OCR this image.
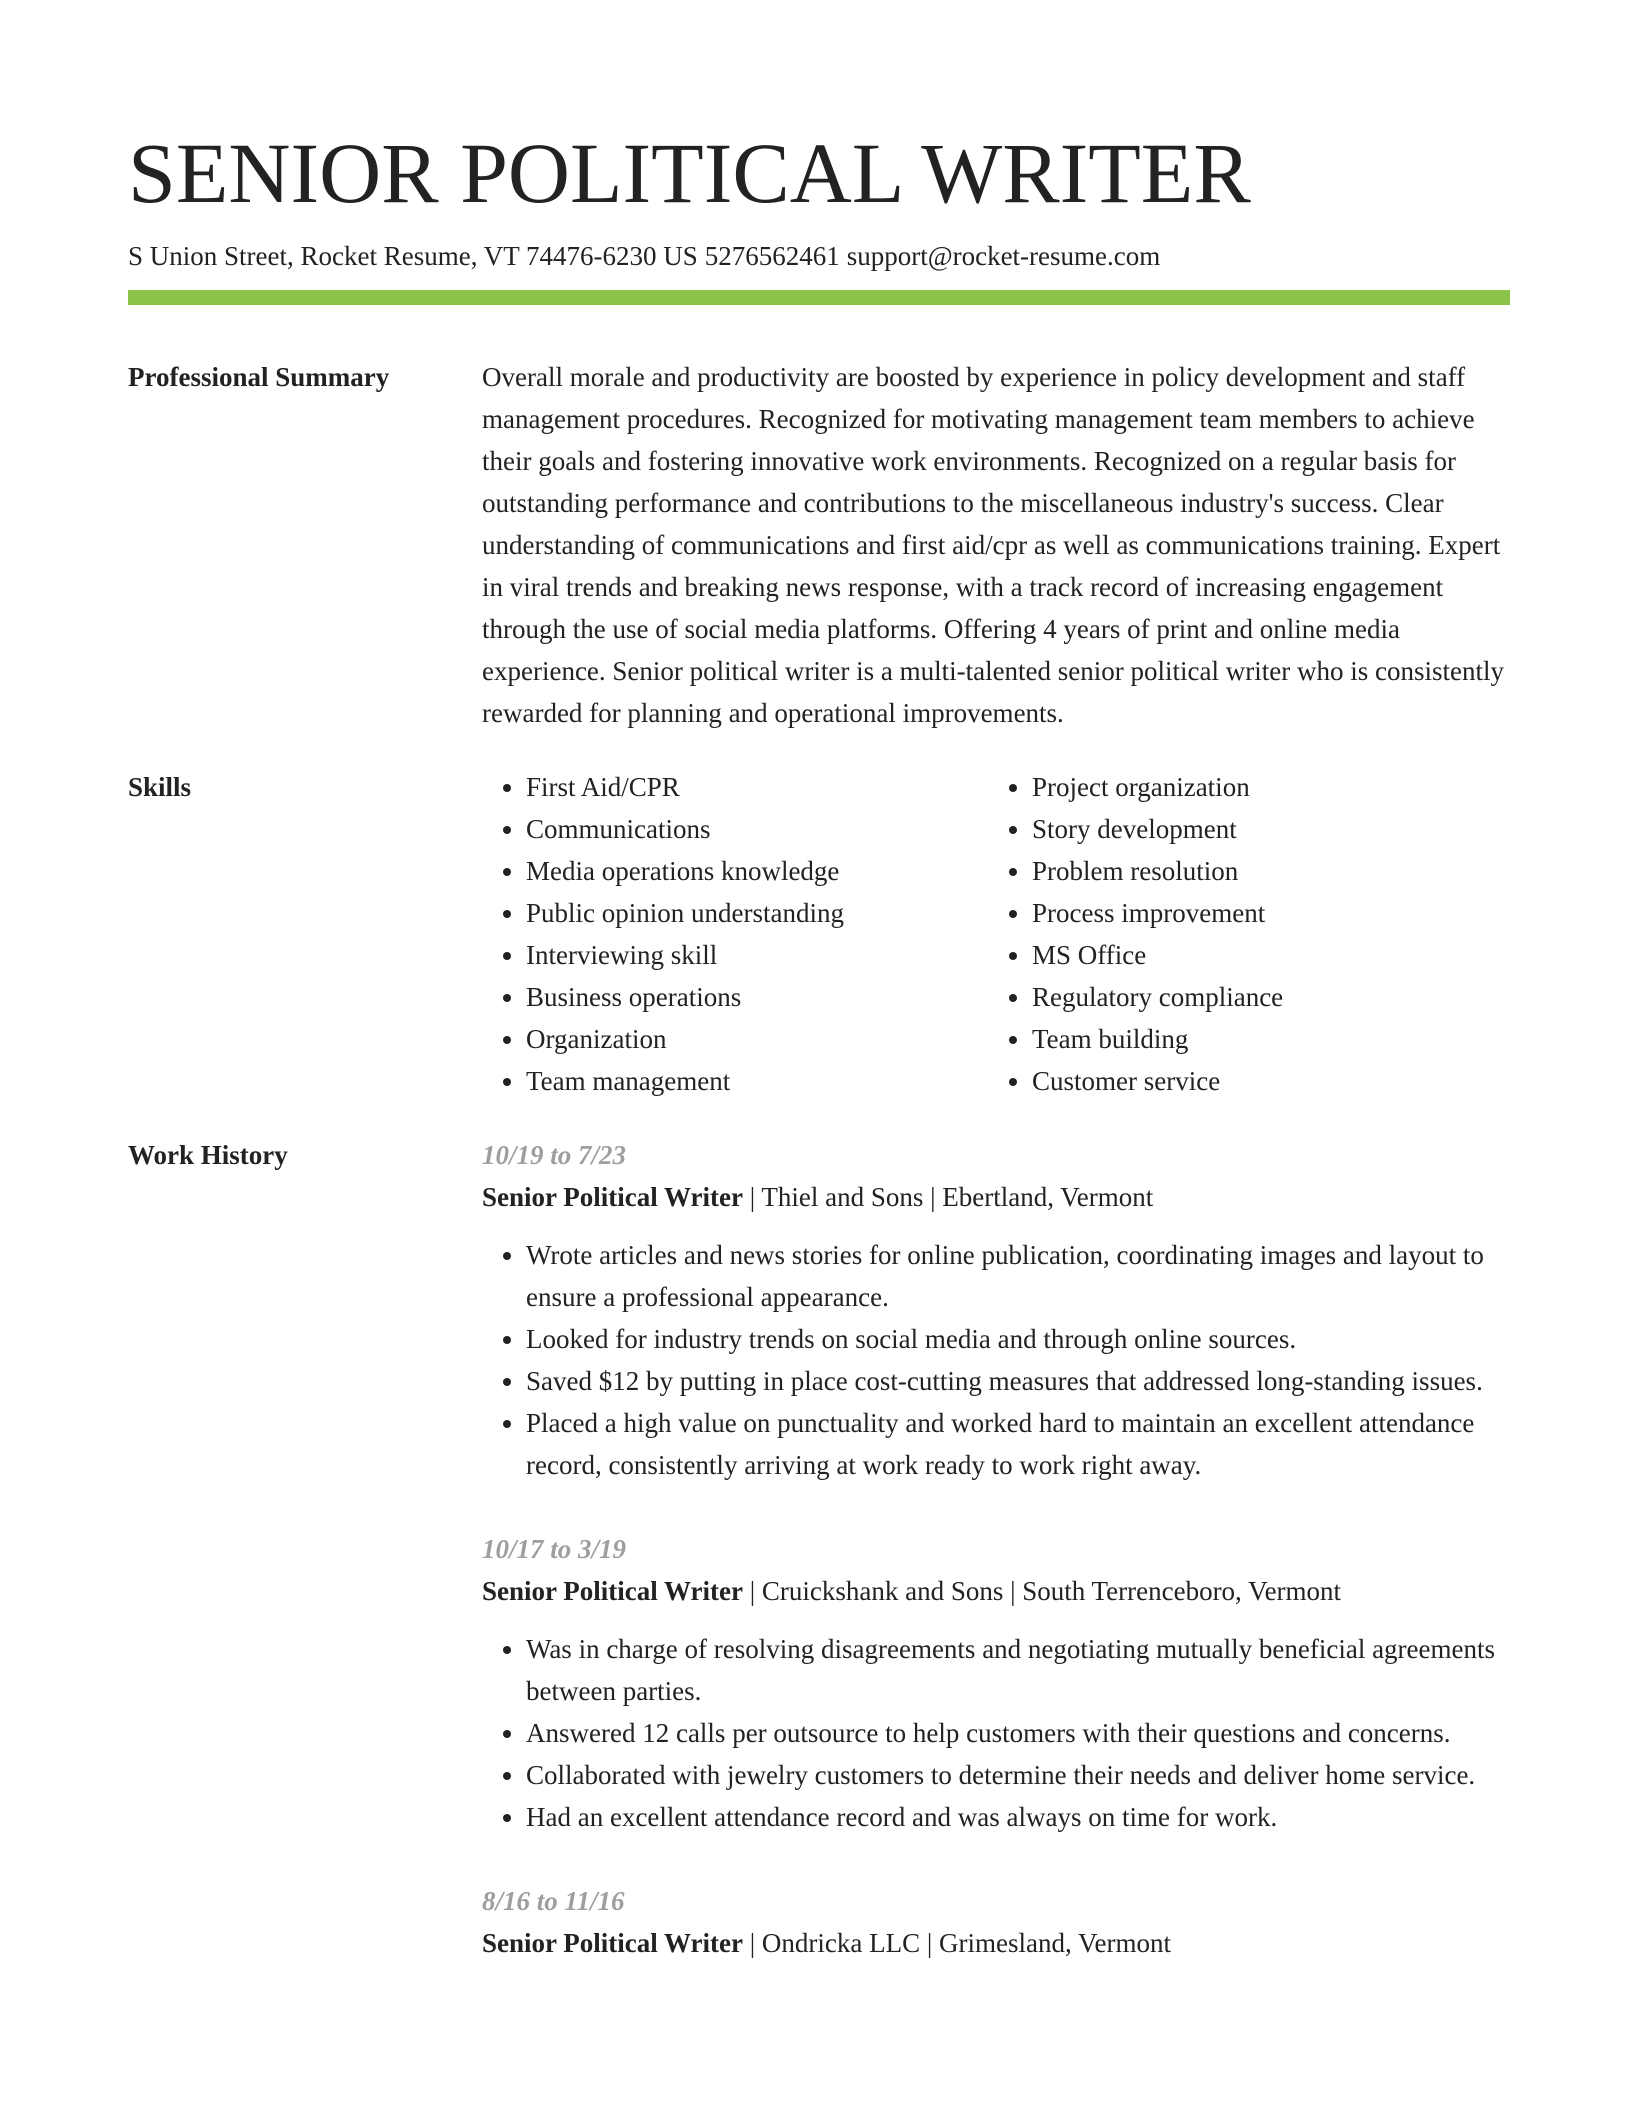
SENIOR POLITICAL WRITER
S Union Street, Rocket Resume, VT 74476-6230 US 5276562461 support@rocket-resume.com
Professional Summary	Overall morale and productivity are boosted by experience in policy development and staff management procedures. Recognized for motivating management team members to achieve their goals and fostering innovative work environments. Recognized on a regular basis for outstanding performance and contributions to the miscellaneous industry's success. Clear understanding of communications and first aid/cpr as well as communications training. Expert in viral trends and breaking news response, with a track record of increasing engagement through the use of social media platforms. Offering 4 years of print and online media experience. Senior political writer is a multi-talented senior political writer who is consistently rewarded for planning and operational improvements.

Skills
•	First Aid/CPR
• Communications
• Media operations knowledge
• Public opinion understanding
• Interviewing skill
• Business operations
• Organization
• Team management
• Project organization
• Story development
• Problem resolution
• Process improvement
• MS Office
• Regulatory compliance
• Team building
• Customer service
Work History	10/19 to 7/23
Senior Political Writer | Thiel and Sons | Ebertland, Vermont
• Wrote articles and news stories for online publication, coordinating images and layout to ensure a professional appearance.
• Looked for industry trends on social media and through online sources.
• Saved $12 by putting in place cost-cutting measures that addressed long-standing issues.
• Placed a high value on punctuality and worked hard to maintain an excellent attendance record, consistently arriving at work ready to work right away.
10/17 to 3/19
Senior Political Writer | Cruickshank and Sons | South Terrenceboro, Vermont
• Was in charge of resolving disagreements and negotiating mutually beneficial agreements between parties.
• Answered 12 calls per outsource to help customers with their questions and concerns.
• Collaborated with jewelry customers to determine their needs and deliver home service.
• Had an excellent attendance record and was always on time for work.
8/16 to 11/16
Senior Political Writer | Ondricka LLC | Grimesland, Vermont
